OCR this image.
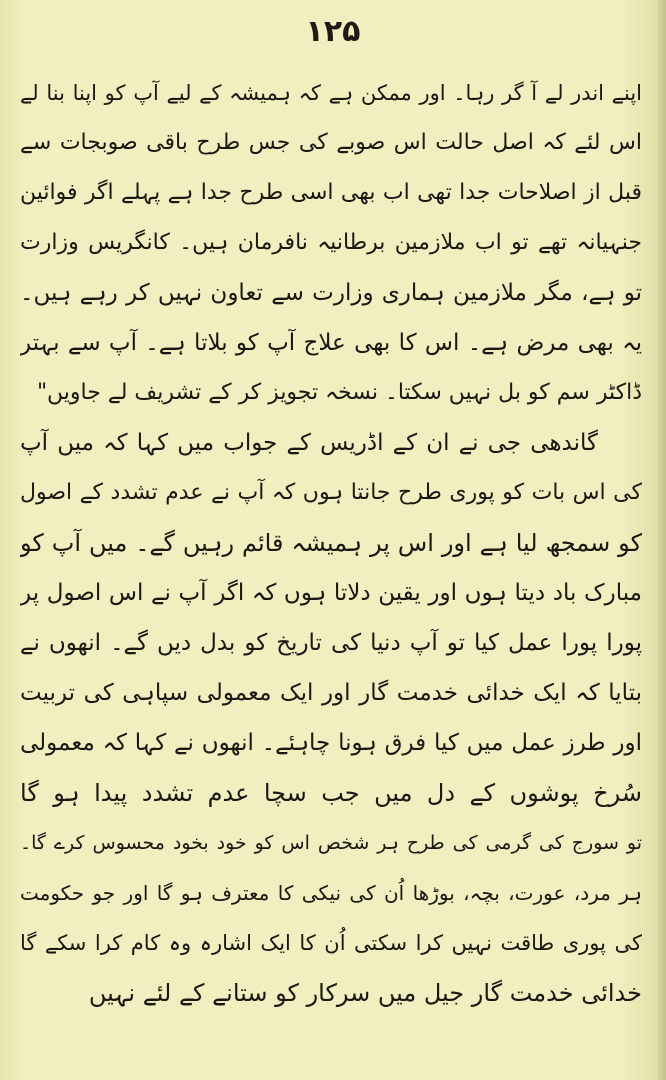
۱۲۵
اپنے اندر لے آ گر رہا۔ اور ممکن ہے کہ ہمیشہ کے لیے آپ کو اپنا بنا لے
اس لئے کہ اصل حالت اس صوبے کی جس طرح باقی صوبجات سے
قبل از اصلاحات جدا تھی اب بھی اسی طرح جدا ہے پہلے اگر فوائین
جنہیانہ تھے تو اب ملازمین برطانیہ نافرمان ہیں۔ کانگریس وزارت
تو ہے، مگر ملازمین ہماری وزارت سے تعاون نہیں کر رہے ہیں۔
یہ بھی مرض ہے۔ اس کا بھی علاج آپ کو بلاتا ہے۔ آپ سے بہتر
ڈاکٹر سم کو بل نہیں سکتا۔ نسخہ تجویز کر کے تشریف لے جاویں"
گاندھی جی نے ان کے اڈریس کے جواب میں کہا کہ میں آپ
کی اس بات کو پوری طرح جانتا ہوں کہ آپ نے عدم تشدد کے اصول
کو سمجھ لیا ہے اور اس پر ہمیشہ قائم رہیں گے۔ میں آپ کو
مبارک باد دیتا ہوں اور یقین دلاتا ہوں کہ اگر آپ نے اس اصول پر
پورا پورا عمل کیا تو آپ دنیا کی تاریخ کو بدل دیں گے۔ انھوں نے
بتایا کہ ایک خدائی خدمت گار اور ایک معمولی سپاہی کی تربیت
اور طرز عمل میں کیا فرق ہونا چاہئے۔ انھوں نے کہا کہ معمولی
سُرخ پوشوں کے دل میں جب سچا عدم تشدد پیدا ہو گا
تو سورج کی گرمی کی طرح ہر شخص اس کو خود بخود محسوس کرے گا۔
ہر مرد، عورت، بچہ، بوڑھا اُن کی نیکی کا معترف ہو گا اور جو حکومت
کی پوری طاقت نہیں کرا سکتی اُن کا ایک اشارہ وہ کام کرا سکے گا
خدائی خدمت گار جیل میں سرکار کو ستانے کے لئے نہیں
